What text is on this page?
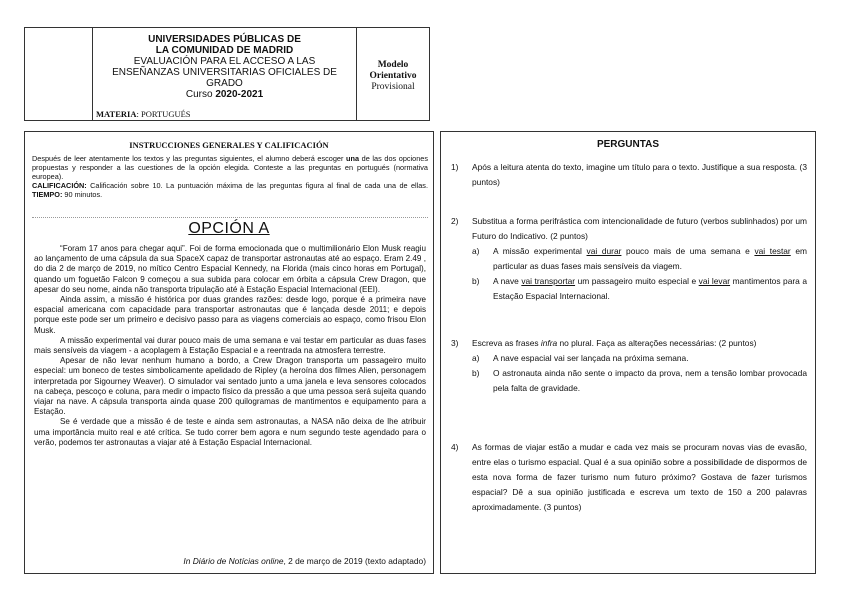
UNIVERSIDADES PÚBLICAS DE
LA COMUNIDAD DE MADRID
EVALUACIÓN PARA EL ACCESO A LAS
ENSEÑANZAS UNIVERSITARIAS OFICIALES DE
GRADO
Curso 2020-2021
MATERIA: PORTUGUÉS
Modelo
Orientativo
Provisional
INSTRUCCIONES GENERALES Y CALIFICACIÓN
Después de leer atentamente los textos y las preguntas siguientes, el alumno deberá escoger una de las dos opciones propuestas y responder a las cuestiones de la opción elegida. Conteste a las preguntas en portugués (normativa europea).
CALIFICACIÓN: Calificación sobre 10. La puntuación máxima de las preguntas figura al final de cada una de ellas. TIEMPO: 90 minutos.
OPCIÓN A

“Foram 17 anos para chegar aqui”. Foi de forma emocionada que o multimilionário Elon Musk reagiu ao lançamento de uma cápsula da sua SpaceX capaz de transportar astronautas até ao espaço. Eram 2.49 , do dia 2 de março de 2019, no mítico Centro Espacial Kennedy, na Florida (mais cinco horas em Portugal), quando um foguetão Falcon 9 começou a sua subida para colocar em órbita a cápsula Crew Dragon, que apesar do seu nome, ainda não transporta tripulação até à Estação Espacial Internacional (EEI).

Ainda assim, a missão é histórica por duas grandes razões: desde logo, porque é a primeira nave espacial americana com capacidade para transportar astronautas que é lançada desde 2011; e depois porque este pode ser um primeiro e decisivo passo para as viagens comerciais ao espaço, como frisou Elon Musk.

A missão experimental vai durar pouco mais de uma semana e vai testar em particular as duas fases mais sensíveis da viagem - a acoplagem à Estação Espacial e a reentrada na atmosfera terrestre.

Apesar de não levar nenhum humano a bordo, a Crew Dragon transporta um passageiro muito especial: um boneco de testes simbolicamente apelidado de Ripley (a heroína dos filmes Alien, personagem interpretada por Sigourney Weaver). O simulador vai sentado junto a uma janela e leva sensores colocados na cabeça, pescoço e coluna, para medir o impacto físico da pressão a que uma pessoa será sujeita quando viajar na nave. A cápsula transporta ainda quase 200 quilogramas de mantimentos e equipamento para a Estação.

Se é verdade que a missão é de teste e ainda sem astronautas, a NASA não deixa de lhe atribuir uma importância muito real e até crítica. Se tudo correr bem agora e num segundo teste agendado para o verão, podemos ter astronautas a viajar até à Estação Espacial Internacional.

In Diário de Notícias online, 2 de março de 2019 (texto adaptado)
PERGUNTAS
1) Após a leitura atenta do texto, imagine um título para o texto. Justifique a sua resposta. (3 puntos)
2) Substitua a forma perifrástica com intencionalidade de futuro (verbos sublinhados) por um Futuro do Indicativo. (2 puntos)
a) A missão experimental vai durar pouco mais de uma semana e vai testar em particular as duas fases mais sensíveis da viagem.
b) A nave vai transportar um passageiro muito especial e vai levar mantimentos para a Estação Espacial Internacional.
3) Escreva as frases infra no plural. Faça as alterações necessárias: (2 puntos)
a) A nave espacial vai ser lançada na próxima semana.
b) O astronauta ainda não sente o impacto da prova, nem a tensão lombar provocada pela falta de gravidade.
4) As formas de viajar estão a mudar e cada vez mais se procuram novas vias de evasão, entre elas o turismo espacial. Qual é a sua opinião sobre a possibilidade de dispormos de esta nova forma de fazer turismo num futuro próximo? Gostava de fazer turismos espacial? Dê a sua opinião justificada e escreva um texto de 150 a 200 palavras aproximadamente. (3 puntos)
